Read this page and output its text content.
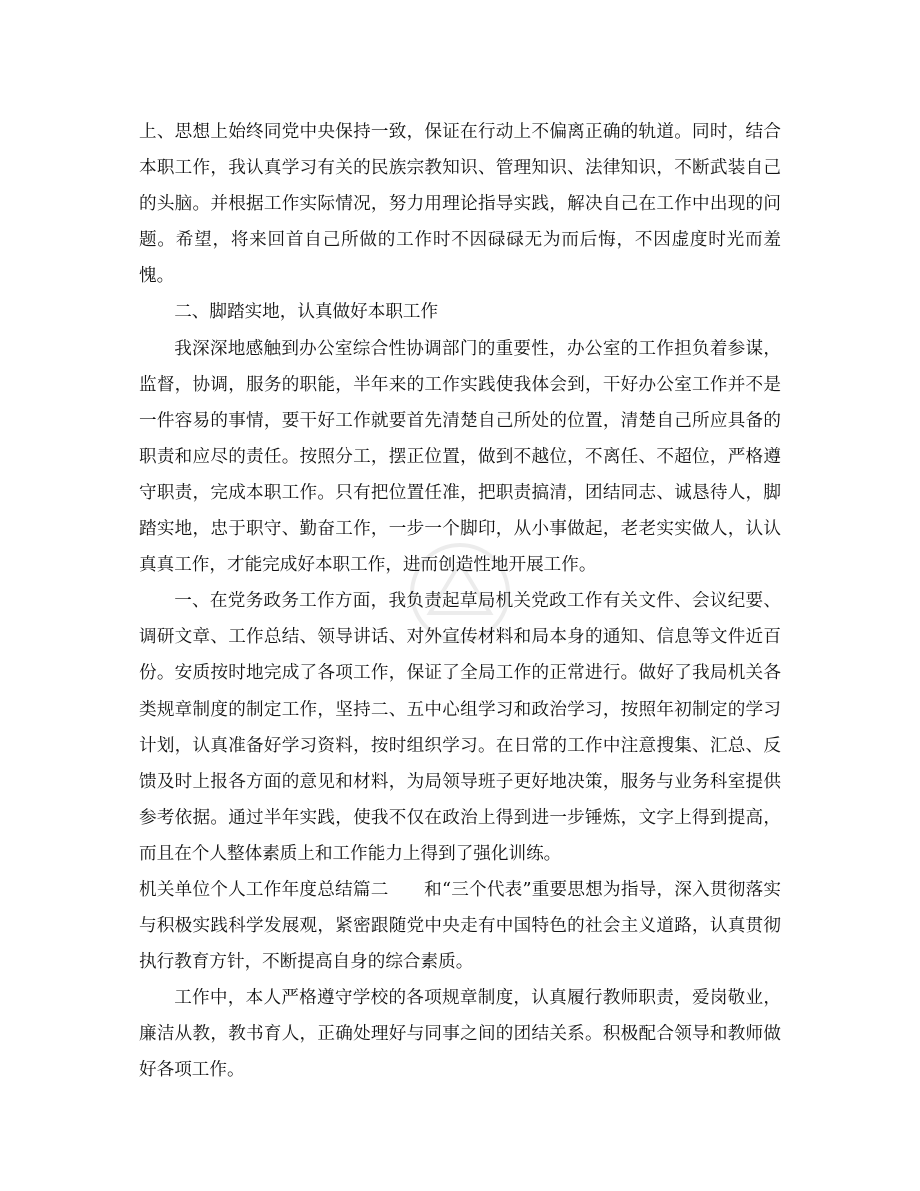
上、思想上始终同党中央保持一致，保证在行动上不偏离正确的轨道。同时，结合本职工作，我认真学习有关的民族宗教知识、管理知识、法律知识，不断武装自己的头脑。并根据工作实际情况，努力用理论指导实践，解决自己在工作中出现的问题。希望，将来回首自己所做的工作时不因碌碌无为而后悔，不因虚度时光而羞愧。

二、脚踏实地，认真做好本职工作

我深深地感触到办公室综合性协调部门的重要性，办公室的工作担负着参谋，监督，协调，服务的职能，半年来的工作实践使我体会到，干好办公室工作并不是一件容易的事情，要干好工作就要首先清楚自己所处的位置，清楚自己所应具备的职责和应尽的责任。按照分工，摆正位置，做到不越位，不离任、不超位，严格遵守职责，完成本职工作。只有把位置任准，把职责搞清，团结同志、诚恳待人，脚踏实地，忠于职守、勤奋工作，一步一个脚印，从小事做起，老老实实做人，认认真真工作，才能完成好本职工作，进而创造性地开展工作。

一、在党务政务工作方面，我负责起草局机关党政工作有关文件、会议纪要、调研文章、工作总结、领导讲话、对外宣传材料和局本身的通知、信息等文件近百份。安质按时地完成了各项工作，保证了全局工作的正常进行。做好了我局机关各类规章制度的制定工作，坚持二、五中心组学习和政治学习，按照年初制定的学习计划，认真准备好学习资料，按时组织学习。在日常的工作中注意搜集、汇总、反馈及时上报各方面的意见和材料，为局领导班子更好地决策，服务与业务科室提供参考依据。通过半年实践，使我不仅在政治上得到进一步锤炼，文字上得到提高，而且在个人整体素质上和工作能力上得到了强化训练。

机关单位个人工作年度总结篇二　　和“三个代表”重要思想为指导，深入贯彻落实与积极实践科学发展观，紧密跟随党中央走有中国特色的社会主义道路，认真贯彻执行教育方针，不断提高自身的综合素质。

工作中，本人严格遵守学校的各项规章制度，认真履行教师职责，爱岗敬业，廉洁从教，教书育人，正确处理好与同事之间的团结关系。积极配合领导和教师做好各项工作。
